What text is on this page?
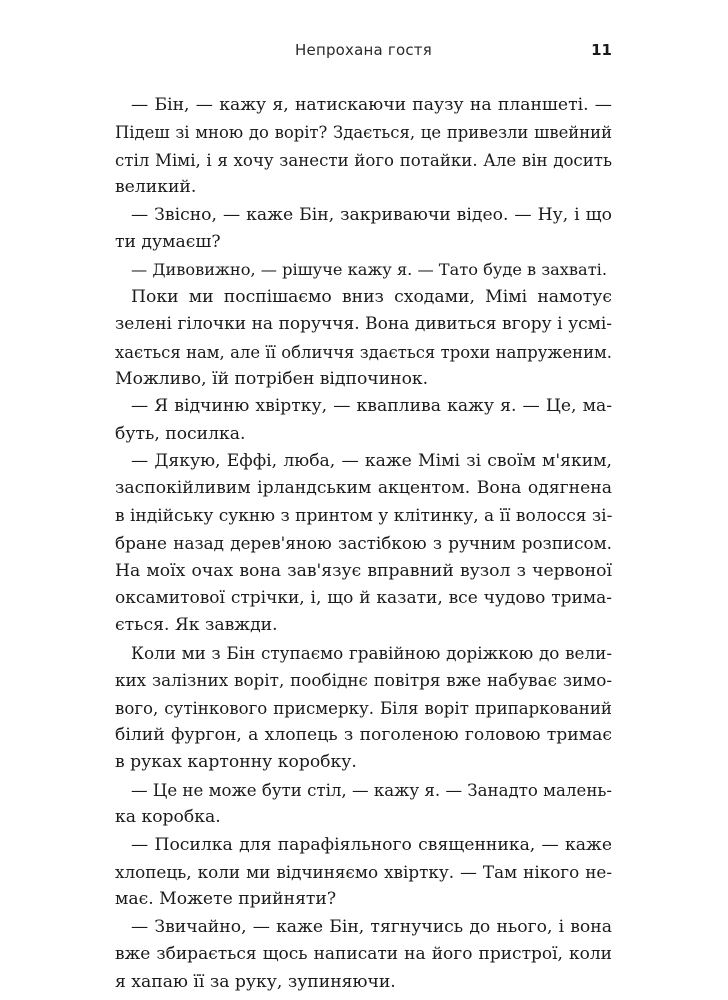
Непрохана гостя	11
— Бін, — кажу я, натискаючи паузу на планшеті. —
Підеш зі мною до воріт? Здається, це привезли швейний
стіл Мімі, і я хочу занести його потайки. Але він досить
великий.
— Звісно, — каже Бін, закриваючи відео. — Ну, і що
ти думаєш?
— Дивовижно, — рішуче кажу я. — Тато буде в захваті.
Поки ми поспішаємо вниз сходами, Мімі намотує
зелені гілочки на поруччя. Вона дивиться вгору і усмі-
хається нам, але її обличчя здається трохи напруженим.
Можливо, їй потрібен відпочинок.
— Я відчиню хвіртку, — кваплива кажу я. — Це, ма-
буть, посилка.
— Дякую, Еффі, люба, — каже Мімі зі своїм м'яким,
заспокійливим ірландським акцентом. Вона одягнена
в індійську сукню з принтом у клітинку, а її волосся зі-
бране назад дерев'яною застібкою з ручним розписом.
На моїх очах вона зав'язує вправний вузол з червоної
оксамитової стрічки, і, що й казати, все чудово трима-
ється. Як завжди.
Коли ми з Бін ступаємо гравійною доріжкою до вели-
ких залізних воріт, пообіднє повітря вже набуває зимо-
вого, сутінкового присмерку. Біля воріт припаркований
білий фургон, а хлопець з поголеною головою тримає
в руках картонну коробку.
— Це не може бути стіл, — кажу я. — Занадто малень-
ка коробка.
— Посилка для парафіяльного священника, — каже
хлопець, коли ми відчиняємо хвіртку. — Там нікого не-
має. Можете прийняти?
— Звичайно, — каже Бін, тягнучись до нього, і вона
вже збирається щось написати на його пристрої, коли
я хапаю її за руку, зупиняючи.
